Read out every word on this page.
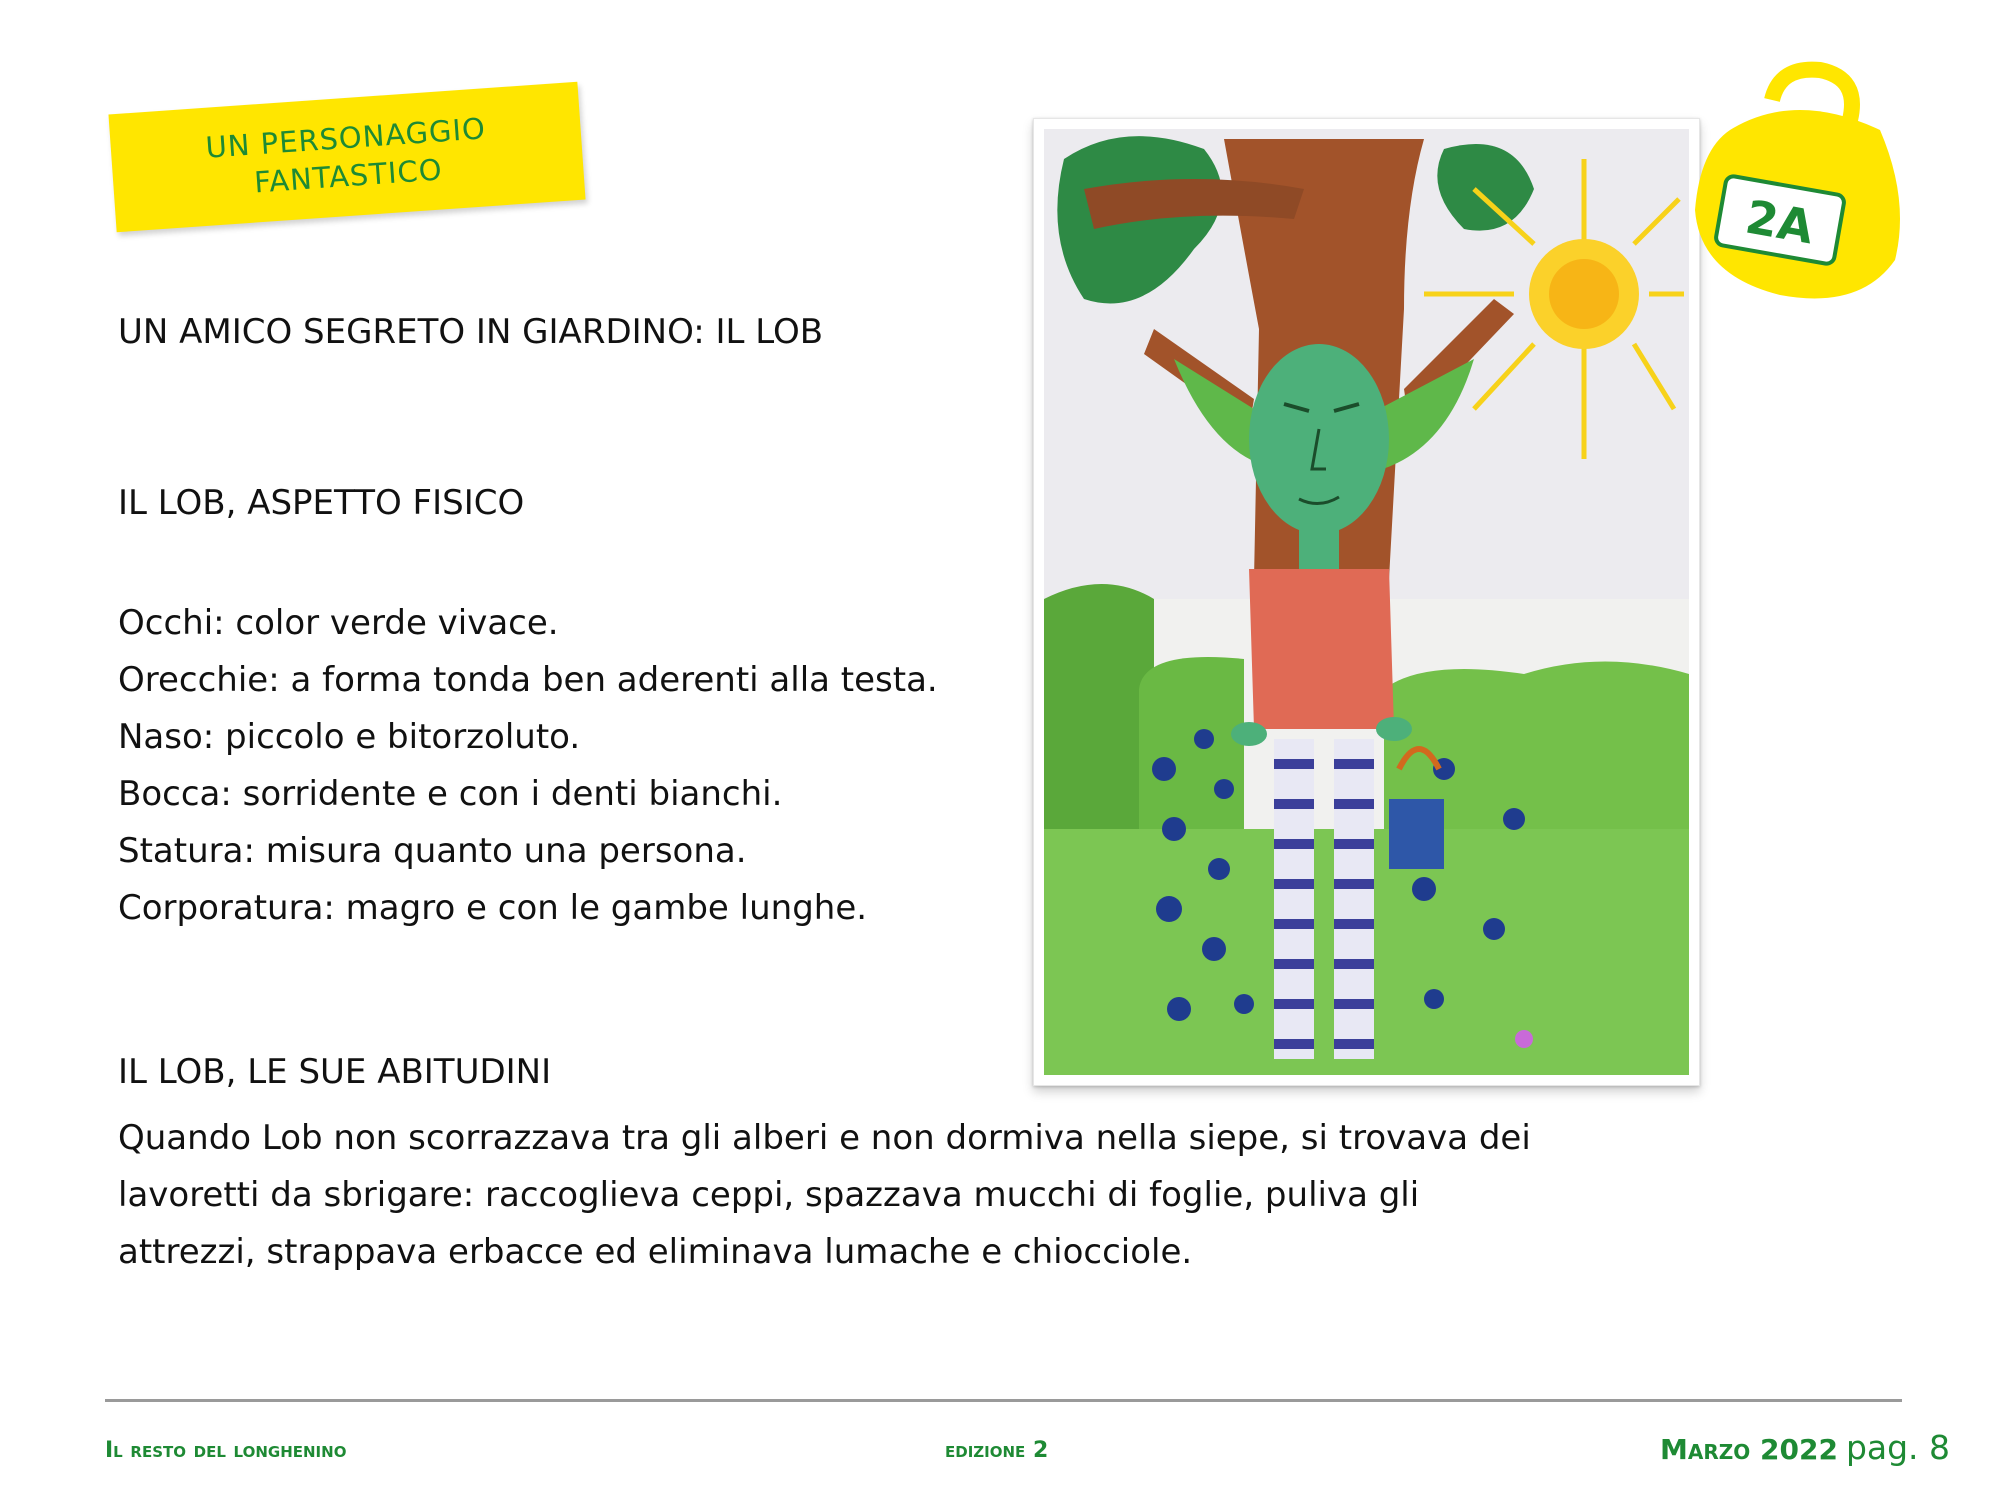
UN PERSONAGGIO
FANTASTICO
UN AMICO SEGRETO IN GIARDINO: IL LOB
IL LOB, ASPETTO FISICO
Occhi: color verde vivace.
Orecchie: a forma tonda ben aderenti alla testa.
Naso: piccolo e bitorzoluto.
Bocca: sorridente e con i denti bianchi.
Statura: misura quanto una persona.
Corporatura: magro e con le gambe lunghe.
IL LOB, LE SUE ABITUDINI
Quando Lob non scorrazzava tra gli alberi e non dormiva nella siepe, si trovava dei
lavoretti da sbrigare: raccoglieva ceppi, spazzava mucchi di foglie, puliva gli
attrezzi, strappava erbacce ed eliminava lumache e chiocciole.
2A
Il resto del longhenino	edizione 2	Marzo 2022 pag. 8
